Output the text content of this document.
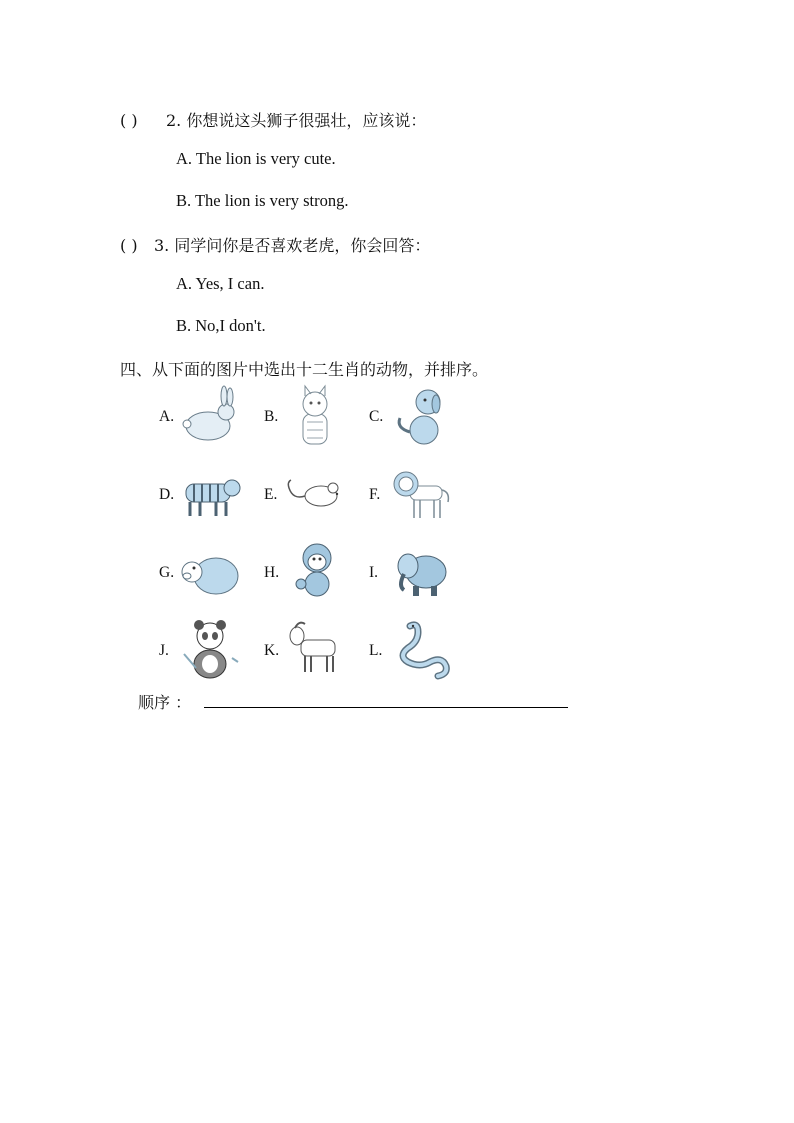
( ) 2. 你想说这头狮子很强壮，应该说：
A. The lion is very cute.
B. The lion is very strong.
( ) 3. 同学问你是否喜欢老虎，你会回答：
A. Yes, I can.
B. No,I don't.
四、从下面的图片中选出十二生肖的动物，并排序。
A.	B.	C.
D.	E.	F.
G.	H.	I.
J.	K.	L.
顺序 ：
